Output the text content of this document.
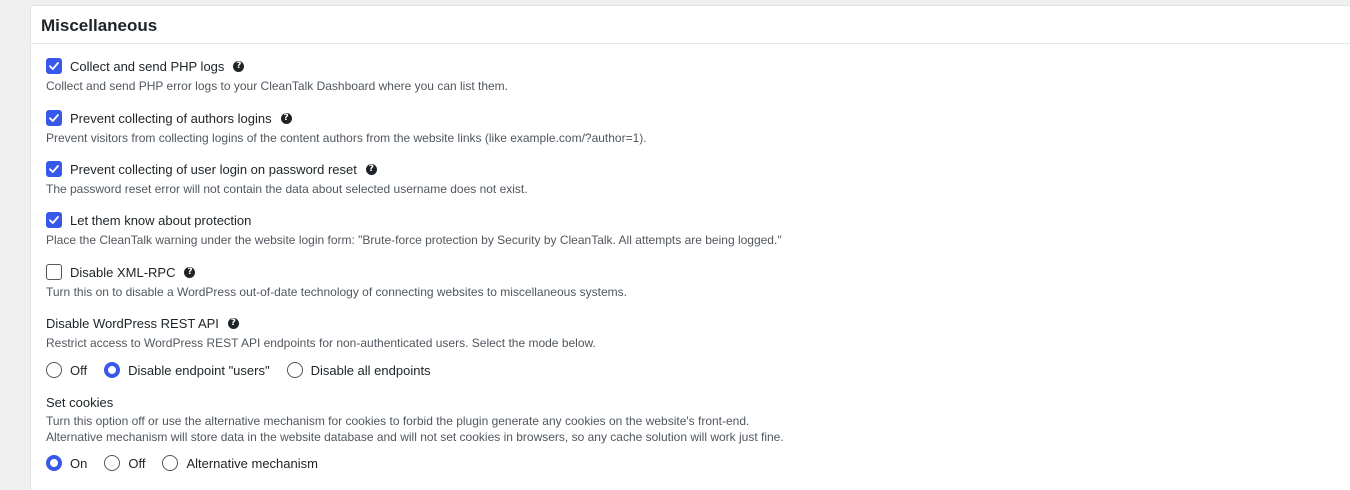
Miscellaneous
Collect and send PHP logs	?
Collect and send PHP error logs to your CleanTalk Dashboard where you can list them.
Prevent collecting of authors logins	?
Prevent visitors from collecting logins of the content authors from the website links (like example.com/?author=1).
Prevent collecting of user login on password reset	?
The password reset error will not contain the data about selected username does not exist.
Let them know about protection
Place the CleanTalk warning under the website login form: "Brute-force protection by Security by CleanTalk. All attempts are being logged."
Disable XML-RPC	?
Turn this on to disable a WordPress out-of-date technology of connecting websites to miscellaneous systems.
Disable WordPress REST API	?
Restrict access to WordPress REST API endpoints for non-authenticated users. Select the mode below.
Off	Disable endpoint "users"	Disable all endpoints
Set cookies
Turn this option off or use the alternative mechanism for cookies to forbid the plugin generate any cookies on the website's front-end.
Alternative mechanism will store data in the website database and will not set cookies in browsers, so any cache solution will work just fine.
On	Off	Alternative mechanism
